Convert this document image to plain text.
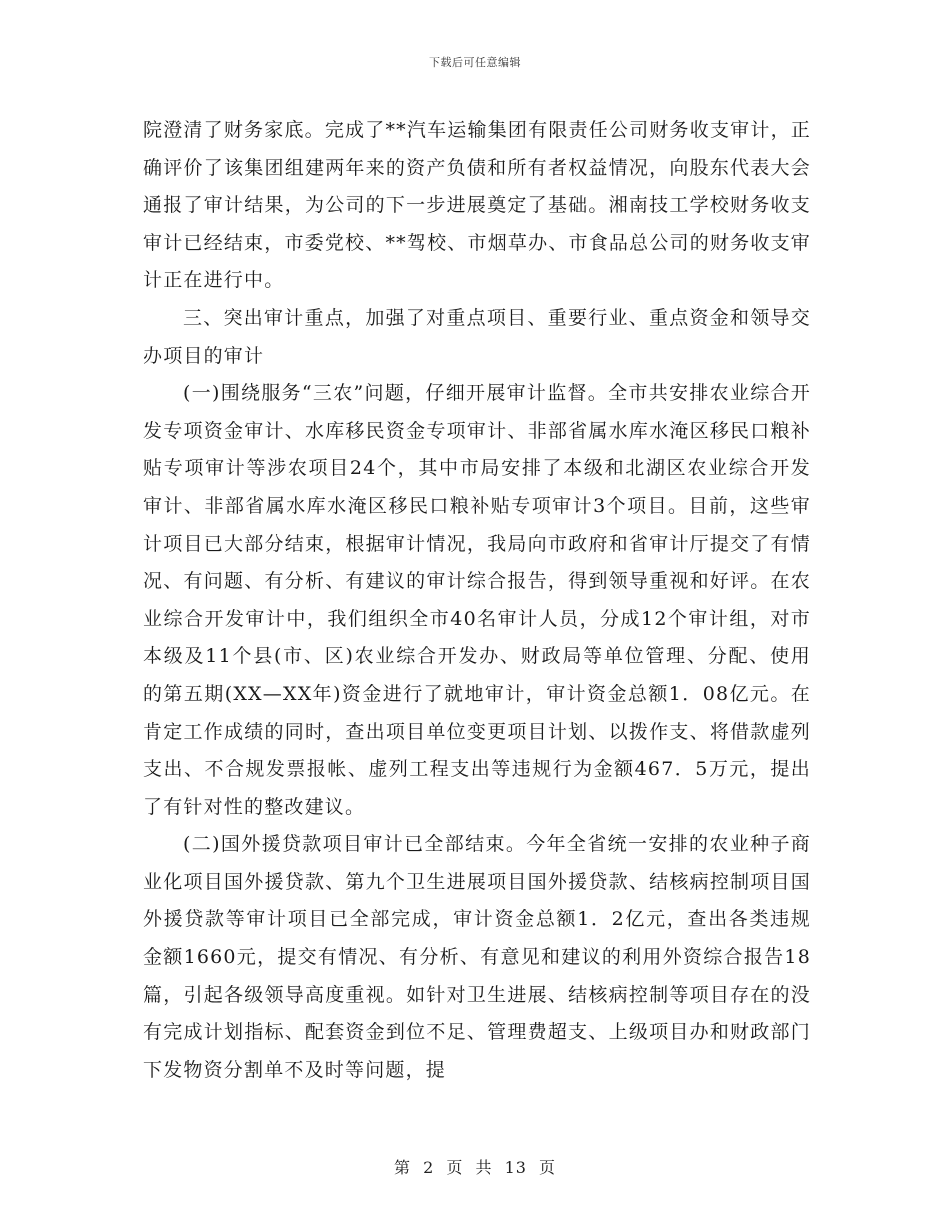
下载后可任意编辑

院澄清了财务家底。完成了**汽车运输集团有限责任公司财务收支审计，正确评价了该集团组建两年来的资产负债和所有者权益情况，向股东代表大会通报了审计结果，为公司的下一步进展奠定了基础。湘南技工学校财务收支审计已经结束，市委党校、**驾校、市烟草办、市食品总公司的财务收支审计正在进行中。

三、突出审计重点，加强了对重点项目、重要行业、重点资金和领导交办项目的审计

(一)围绕服务“三农”问题，仔细开展审计监督。全市共安排农业综合开发专项资金审计、水库移民资金专项审计、非部省属水库水淹区移民口粮补贴专项审计等涉农项目24个，其中市局安排了本级和北湖区农业综合开发审计、非部省属水库水淹区移民口粮补贴专项审计3个项目。目前，这些审计项目已大部分结束，根据审计情况，我局向市政府和省审计厅提交了有情况、有问题、有分析、有建议的审计综合报告，得到领导重视和好评。在农业综合开发审计中，我们组织全市40名审计人员，分成12个审计组，对市本级及11个县(市、区)农业综合开发办、财政局等单位管理、分配、使用的第五期(XX—XX年)资金进行了就地审计，审计资金总额1．08亿元。在肯定工作成绩的同时，查出项目单位变更项目计划、以拨作支、将借款虚列支出、不合规发票报帐、虚列工程支出等违规行为金额467．5万元，提出了有针对性的整改建议。

(二)国外援贷款项目审计已全部结束。今年全省统一安排的农业种子商业化项目国外援贷款、第九个卫生进展项目国外援贷款、结核病控制项目国外援贷款等审计项目已全部完成，审计资金总额1．2亿元，查出各类违规金额1660元，提交有情况、有分析、有意见和建议的利用外资综合报告18篇，引起各级领导高度重视。如针对卫生进展、结核病控制等项目存在的没有完成计划指标、配套资金到位不足、管理费超支、上级项目办和财政部门下发物资分割单不及时等问题，提

第 2 页 共 13 页
